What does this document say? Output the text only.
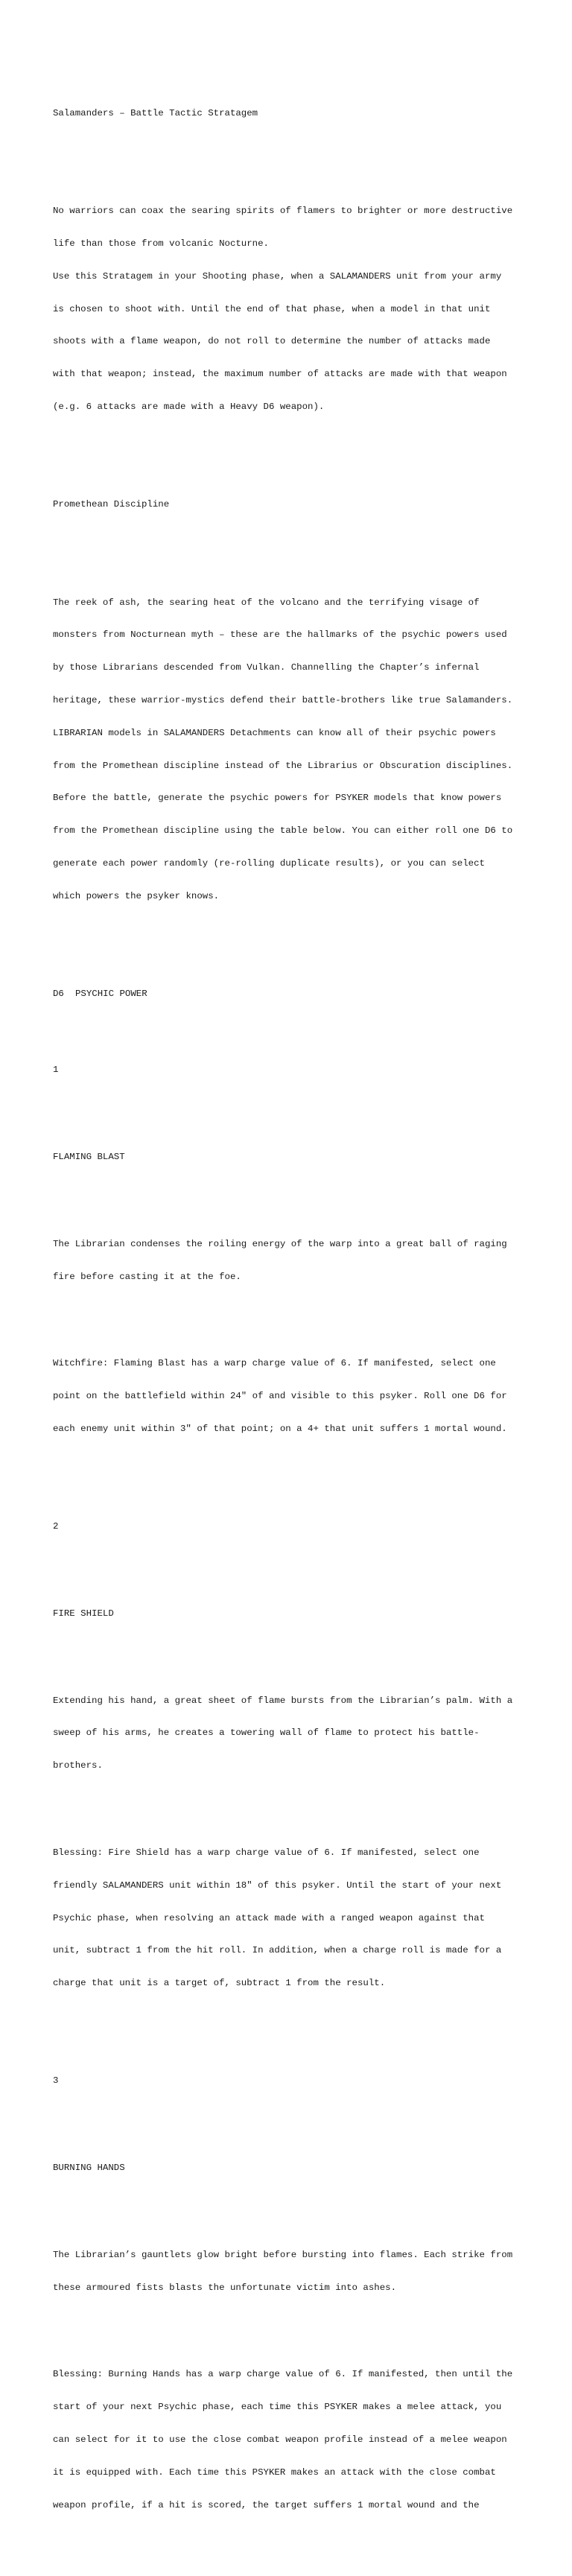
Salamanders – Battle Tactic Stratagem

No warriors can coax the searing spirits of flamers to brighter or more destructive

life than those from volcanic Nocturne.

Use this Stratagem in your Shooting phase, when a SALAMANDERS unit from your army

is chosen to shoot with. Until the end of that phase, when a model in that unit

shoots with a flame weapon, do not roll to determine the number of attacks made

with that weapon; instead, the maximum number of attacks are made with that weapon

(e.g. 6 attacks are made with a Heavy D6 weapon).

Promethean Discipline

The reek of ash, the searing heat of the volcano and the terrifying visage of

monsters from Nocturnean myth – these are the hallmarks of the psychic powers used

by those Librarians descended from Vulkan. Channelling the Chapter’s infernal

heritage, these warrior-mystics defend their battle-brothers like true Salamanders.

LIBRARIAN models in SALAMANDERS Detachments can know all of their psychic powers

from the Promethean discipline instead of the Librarius or Obscuration disciplines.

Before the battle, generate the psychic powers for PSYKER models that know powers

from the Promethean discipline using the table below. You can either roll one D6 to

generate each power randomly (re-rolling duplicate results), or you can select

which powers the psyker knows.

D6 PSYCHIC POWER

1

FLAMING BLAST

The Librarian condenses the roiling energy of the warp into a great ball of raging

fire before casting it at the foe.

Witchfire: Flaming Blast has a warp charge value of 6. If manifested, select one

point on the battlefield within 24" of and visible to this psyker. Roll one D6 for

each enemy unit within 3" of that point; on a 4+ that unit suffers 1 mortal wound.

2

FIRE SHIELD

Extending his hand, a great sheet of flame bursts from the Librarian’s palm. With a

sweep of his arms, he creates a towering wall of flame to protect his battle-

brothers.

Blessing: Fire Shield has a warp charge value of 6. If manifested, select one

friendly SALAMANDERS unit within 18" of this psyker. Until the start of your next

Psychic phase, when resolving an attack made with a ranged weapon against that

unit, subtract 1 from the hit roll. In addition, when a charge roll is made for a

charge that unit is a target of, subtract 1 from the result.

3

BURNING HANDS

The Librarian’s gauntlets glow bright before bursting into flames. Each strike from

these armoured fists blasts the unfortunate victim into ashes.

Blessing: Burning Hands has a warp charge value of 6. If manifested, then until the

start of your next Psychic phase, each time this PSYKER makes a melee attack, you

can select for it to use the close combat weapon profile instead of a melee weapon

it is equipped with. Each time this PSYKER makes an attack with the close combat

weapon profile, if a hit is scored, the target suffers 1 mortal wound and the
